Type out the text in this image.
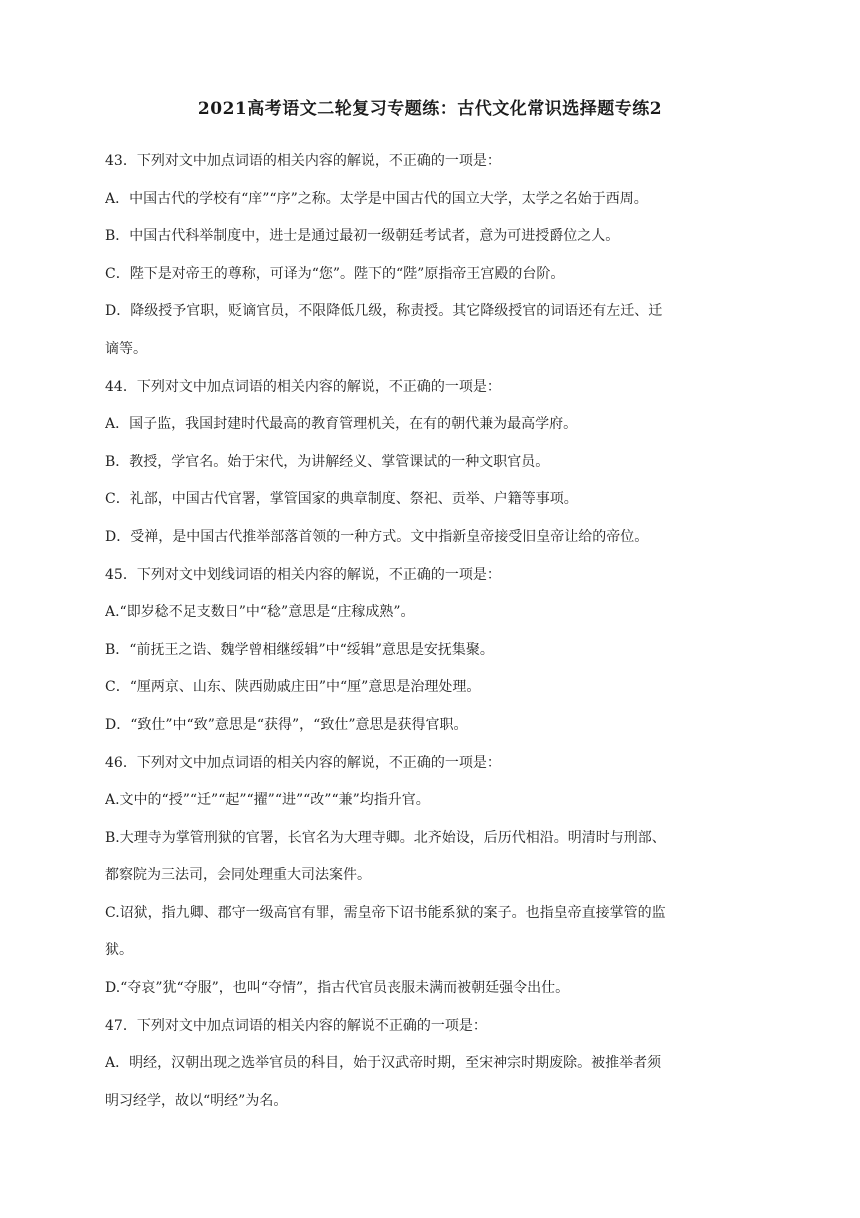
2021高考语文二轮复习专题练：古代文化常识选择题专练2
43．下列对文中加点词语的相关内容的解说，不正确的一项是：
A．中国古代的学校有“庠”“序”之称。太学是中国古代的国立大学，太学之名始于西周。
B．中国古代科举制度中，进士是通过最初一级朝廷考试者，意为可进授爵位之人。
C．陛下是对帝王的尊称，可译为“您”。陛下的“陛”原指帝王宫殿的台阶。
D．降级授予官职，贬谪官员，不限降低几级，称责授。其它降级授官的词语还有左迁、迁
谪等。
44．下列对文中加点词语的相关内容的解说，不正确的一项是：
A．国子监，我国封建时代最高的教育管理机关，在有的朝代兼为最高学府。
B．教授，学官名。始于宋代，为讲解经义、掌管课试的一种文职官员。
C．礼部，中国古代官署，掌管国家的典章制度、祭祀、贡举、户籍等事项。
D．受禅，是中国古代推举部落首领的一种方式。文中指新皇帝接受旧皇帝让给的帝位。
45．下列对文中划线词语的相关内容的解说，不正确的一项是：
A.“即岁稔不足支数日”中“稔”意思是“庄稼成熟”。
B．“前抚王之诰、魏学曾相继绥辑”中“绥辑”意思是安抚集聚。
C．“厘两京、山东、陕西勋戚庄田”中“厘”意思是治理处理。
D．“致仕”中“致”意思是“获得”，“致仕”意思是获得官职。
46．下列对文中加点词语的相关内容的解说，不正确的一项是：
A.文中的“授”“迁”“起”“擢”“进”“改”“兼”均指升官。
B.大理寺为掌管刑狱的官署，长官名为大理寺卿。北齐始设，后历代相沿。明清时与刑部、
都察院为三法司，会同处理重大司法案件。
C.诏狱，指九卿、郡守一级高官有罪，需皇帝下诏书能系狱的案子。也指皇帝直接掌管的监
狱。
D.“夺哀”犹“夺服”，也叫“夺情”，指古代官员丧服未满而被朝廷强令出仕。
47．下列对文中加点词语的相关内容的解说不正确的一项是：
A．明经，汉朝出现之选举官员的科目，始于汉武帝时期，至宋神宗时期废除。被推举者须
明习经学，故以“明经”为名。
